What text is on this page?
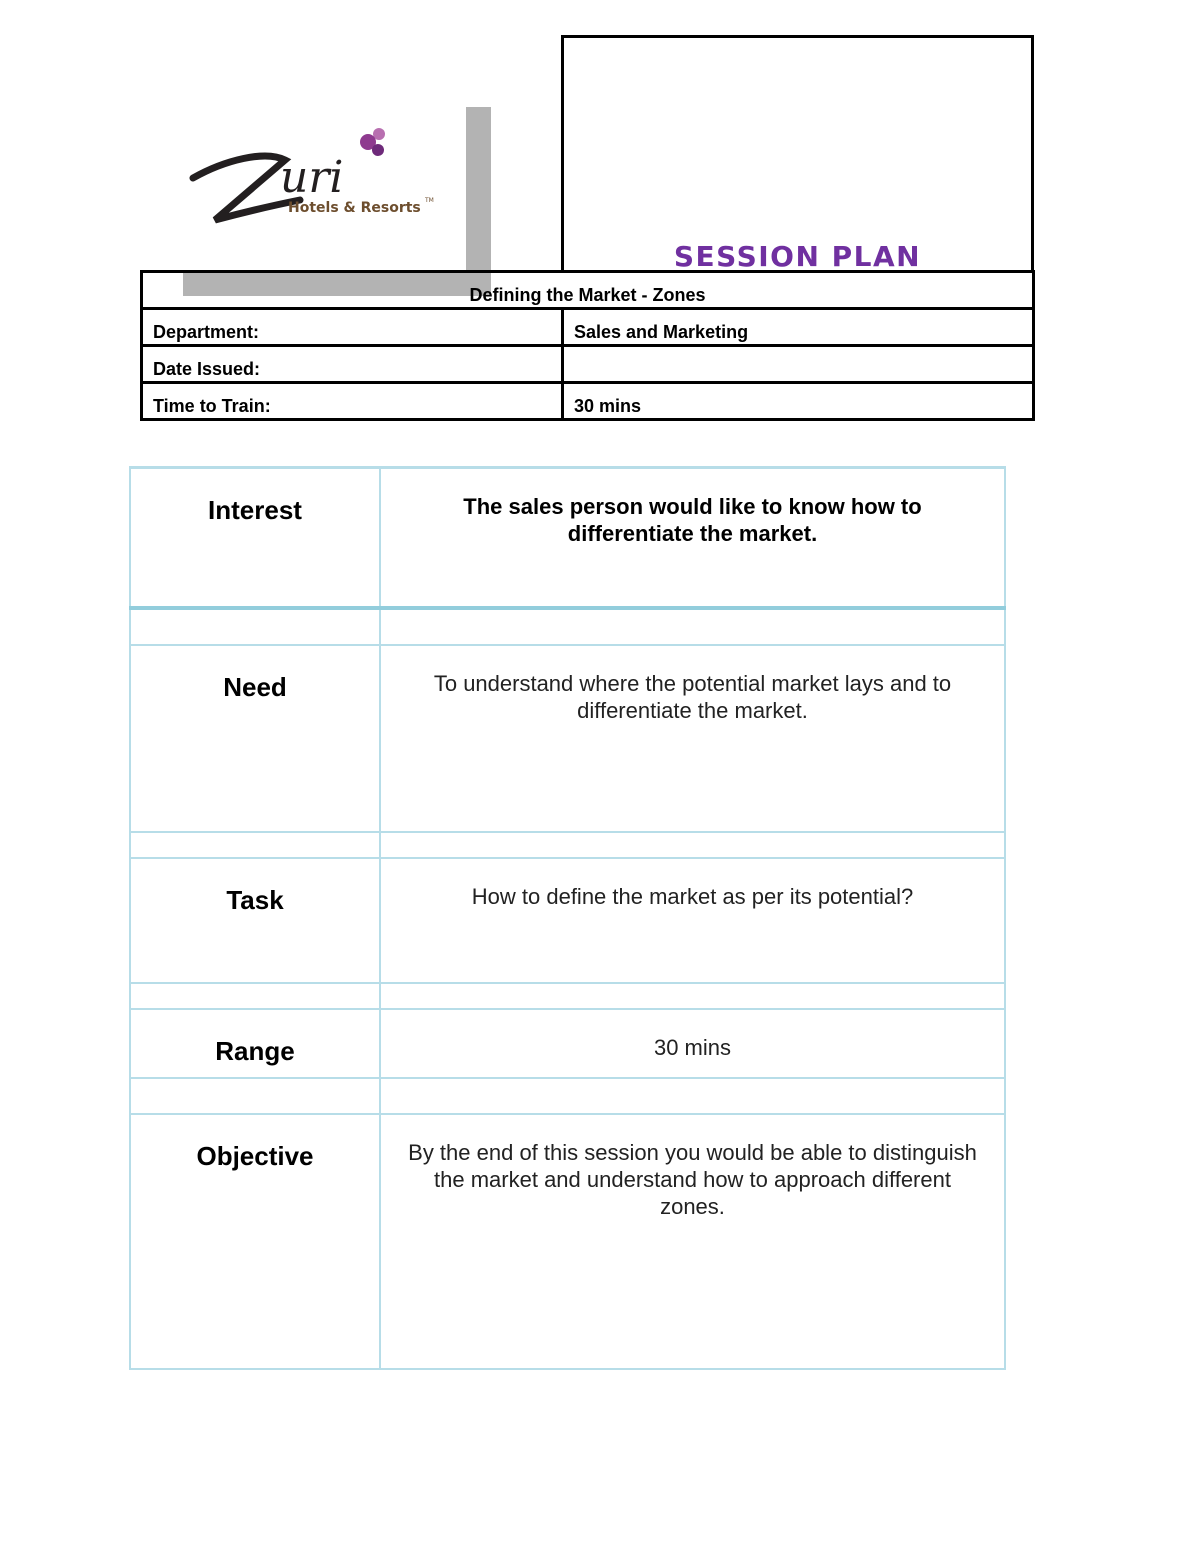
uri
Hotels & Resorts TM
SESSION PLAN
Defining the Market - Zones	
Department:	Sales and Marketing
Date Issued:	
Time to Train:	30 mins
Interest	The sales person would like to know how to differentiate the market.

Need	To understand where the potential market lays and to differentiate the market.

Task	How to define the market as per its potential?

Range	30 mins

Objective	By the end of this session you would be able to distinguish the market and understand how to approach different zones.
